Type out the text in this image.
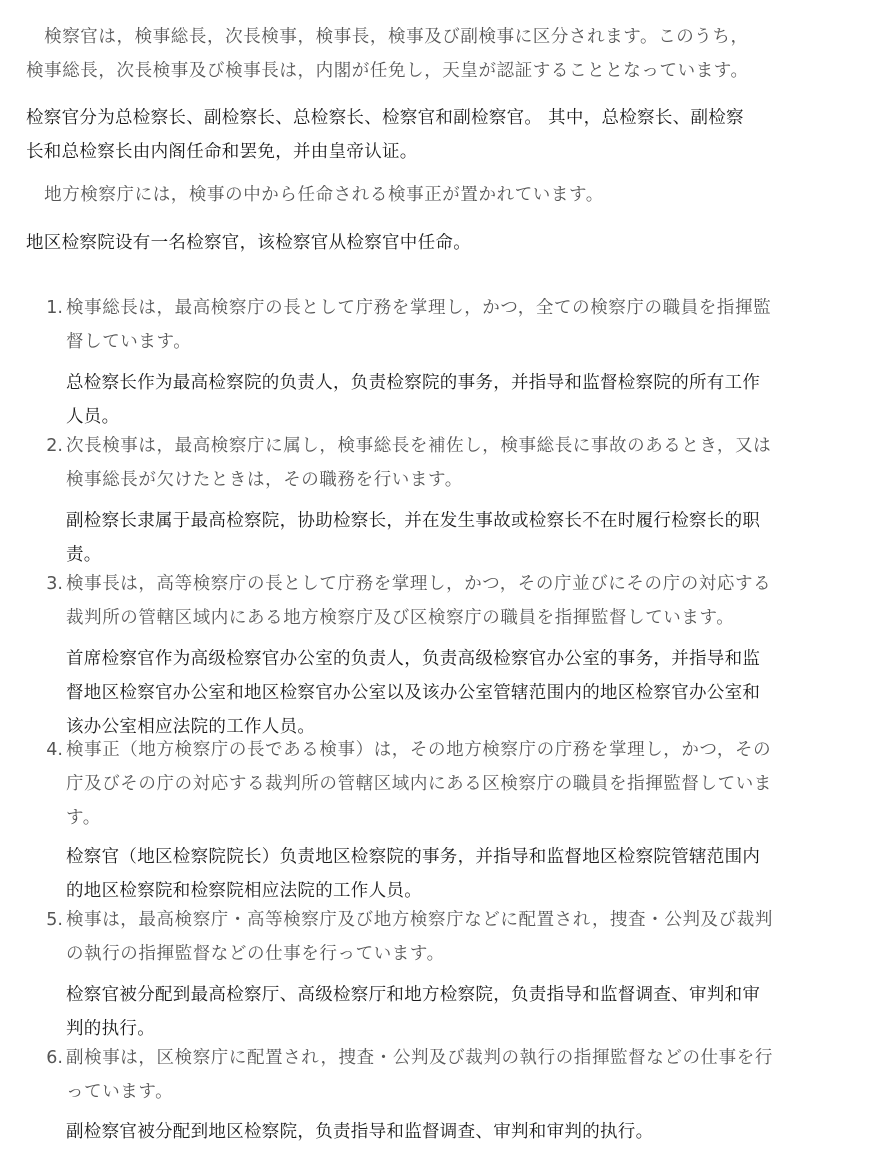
　検察官は，検事総長，次長検事，検事長，検事及び副検事に区分されます。このうち，
検事総長，次長検事及び検事長は，内閣が任免し，天皇が認証することとなっています。
检察官分为总检察长、副检察长、总检察长、检察官和副检察官。 其中，总检察长、副检察
长和总检察长由内阁任命和罢免，并由皇帝认证。
　地方検察庁には，検事の中から任命される検事正が置かれています。
地区检察院设有一名检察官，该检察官从检察官中任命。
1. 検事総長は，最高検察庁の長として庁務を掌理し，かつ，全ての検察庁の職員を指揮監
督しています。
总检察长作为最高检察院的负责人，负责检察院的事务，并指导和监督检察院的所有工作
人员。
2. 次長検事は，最高検察庁に属し，検事総長を補佐し，検事総長に事故のあるとき，又は
検事総長が欠けたときは，その職務を行います。
副检察长隶属于最高检察院，协助检察长，并在发生事故或检察长不在时履行检察长的职
责。
3. 検事長は，高等検察庁の長として庁務を掌理し，かつ，その庁並びにその庁の対応する
裁判所の管轄区域内にある地方検察庁及び区検察庁の職員を指揮監督しています。
首席检察官作为高级检察官办公室的负责人，负责高级检察官办公室的事务，并指导和监
督地区检察官办公室和地区检察官办公室以及该办公室管辖范围内的地区检察官办公室和
该办公室相应法院的工作人员。
4. 検事正（地方検察庁の長である検事）は，その地方検察庁の庁務を掌理し，かつ，その
庁及びその庁の対応する裁判所の管轄区域内にある区検察庁の職員を指揮監督していま
す。
检察官（地区检察院院长）负责地区检察院的事务，并指导和监督地区检察院管辖范围内
的地区检察院和检察院相应法院的工作人员。
5. 検事は，最高検察庁・高等検察庁及び地方検察庁などに配置され，捜査・公判及び裁判
の執行の指揮監督などの仕事を行っています。
检察官被分配到最高检察厅、高级检察厅和地方检察院，负责指导和监督调查、审判和审
判的执行。
6. 副検事は，区検察庁に配置され，捜査・公判及び裁判の執行の指揮監督などの仕事を行
っています。
副检察官被分配到地区检察院，负责指导和监督调查、审判和审判的执行。
